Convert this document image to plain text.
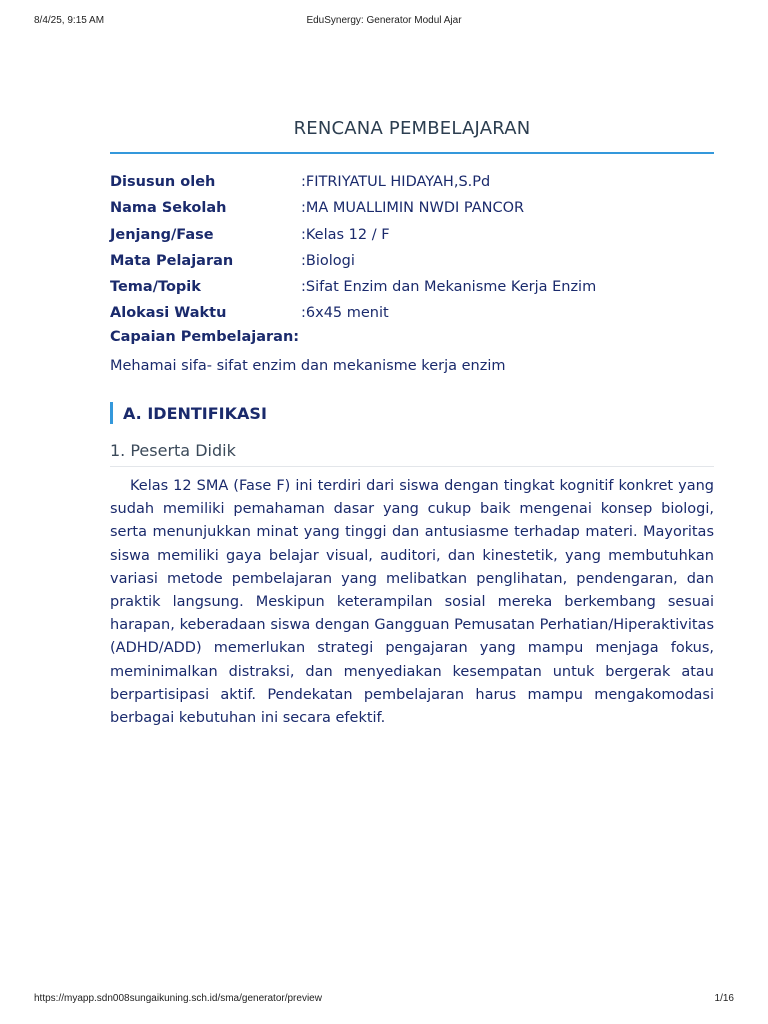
8/4/25, 9:15 AM	EduSynergy: Generator Modul Ajar
RENCANA PEMBELAJARAN
Disusun oleh	:FITRIYATUL HIDAYAH,S.Pd
Nama Sekolah	:MA MUALLIMIN NWDI PANCOR
Jenjang/Fase	:Kelas 12 / F
Mata Pelajaran	:Biologi
Tema/Topik	:Sifat Enzim dan Mekanisme Kerja Enzim
Alokasi Waktu	:6x45 menit
Capaian Pembelajaran:
Mehamai sifa- sifat enzim dan mekanisme kerja enzim
A. IDENTIFIKASI
1. Peserta Didik

Kelas 12 SMA (Fase F) ini terdiri dari siswa dengan tingkat kognitif konkret yang sudah memiliki pemahaman dasar yang cukup baik mengenai konsep biologi, serta menunjukkan minat yang tinggi dan antusiasme terhadap materi. Mayoritas siswa memiliki gaya belajar visual, auditori, dan kinestetik, yang membutuhkan variasi metode pembelajaran yang melibatkan penglihatan, pendengaran, dan praktik langsung. Meskipun keterampilan sosial mereka berkembang sesuai harapan, keberadaan siswa dengan Gangguan Pemusatan Perhatian/Hiperaktivitas (ADHD/ADD) memerlukan strategi pengajaran yang mampu menjaga fokus, meminimalkan distraksi, dan menyediakan kesempatan untuk bergerak atau berpartisipasi aktif. Pendekatan pembelajaran harus mampu mengakomodasi berbagai kebutuhan ini secara efektif.

https://myapp.sdn008sungaikuning.sch.id/sma/generator/preview	1/16
